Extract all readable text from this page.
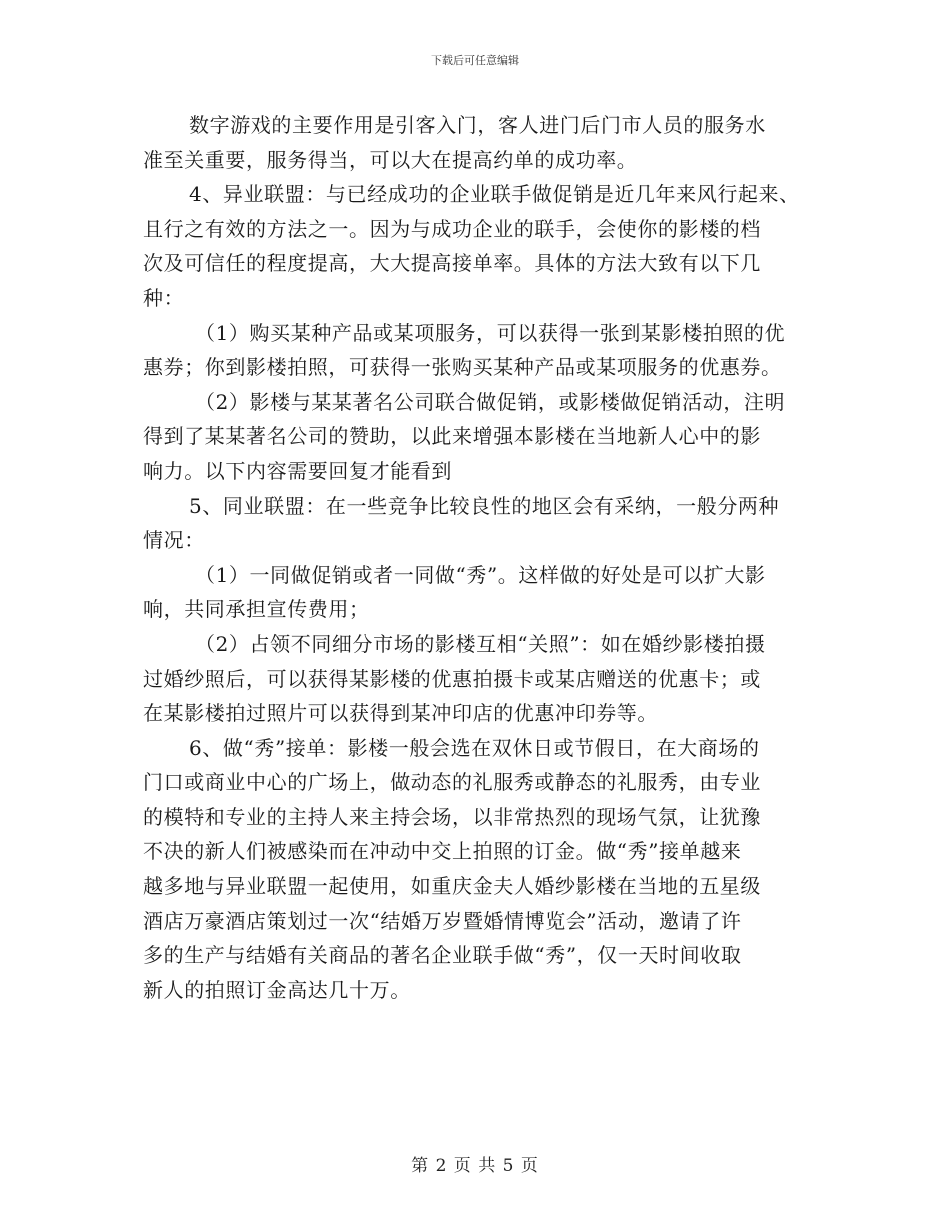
下载后可任意编辑
数字游戏的主要作用是引客入门，客人进门后门市人员的服务水
准至关重要，服务得当，可以大在提高约单的成功率。
4、异业联盟：与已经成功的企业联手做促销是近几年来风行起来、
且行之有效的方法之一。因为与成功企业的联手，会使你的影楼的档
次及可信任的程度提高，大大提高接单率。具体的方法大致有以下几
种：
（1）购买某种产品或某项服务，可以获得一张到某影楼拍照的优
惠券；你到影楼拍照，可获得一张购买某种产品或某项服务的优惠券。
（2）影楼与某某著名公司联合做促销，或影楼做促销活动，注明
得到了某某著名公司的赞助，以此来增强本影楼在当地新人心中的影
响力。以下内容需要回复才能看到
5、同业联盟：在一些竞争比较良性的地区会有采纳，一般分两种
情况：
（1）一同做促销或者一同做“秀”。这样做的好处是可以扩大影
响，共同承担宣传费用；
（2）占领不同细分市场的影楼互相“关照”：如在婚纱影楼拍摄
过婚纱照后，可以获得某影楼的优惠拍摄卡或某店赠送的优惠卡；或
在某影楼拍过照片可以获得到某冲印店的优惠冲印券等。
6、做“秀”接单：影楼一般会选在双休日或节假日，在大商场的
门口或商业中心的广场上，做动态的礼服秀或静态的礼服秀，由专业
的模特和专业的主持人来主持会场，以非常热烈的现场气氛，让犹豫
不决的新人们被感染而在冲动中交上拍照的订金。做“秀”接单越来
越多地与异业联盟一起使用，如重庆金夫人婚纱影楼在当地的五星级
酒店万豪酒店策划过一次“结婚万岁暨婚情博览会”活动，邀请了许
多的生产与结婚有关商品的著名企业联手做“秀”，仅一天时间收取
新人的拍照订金高达几十万。
第 2 页 共 5 页
